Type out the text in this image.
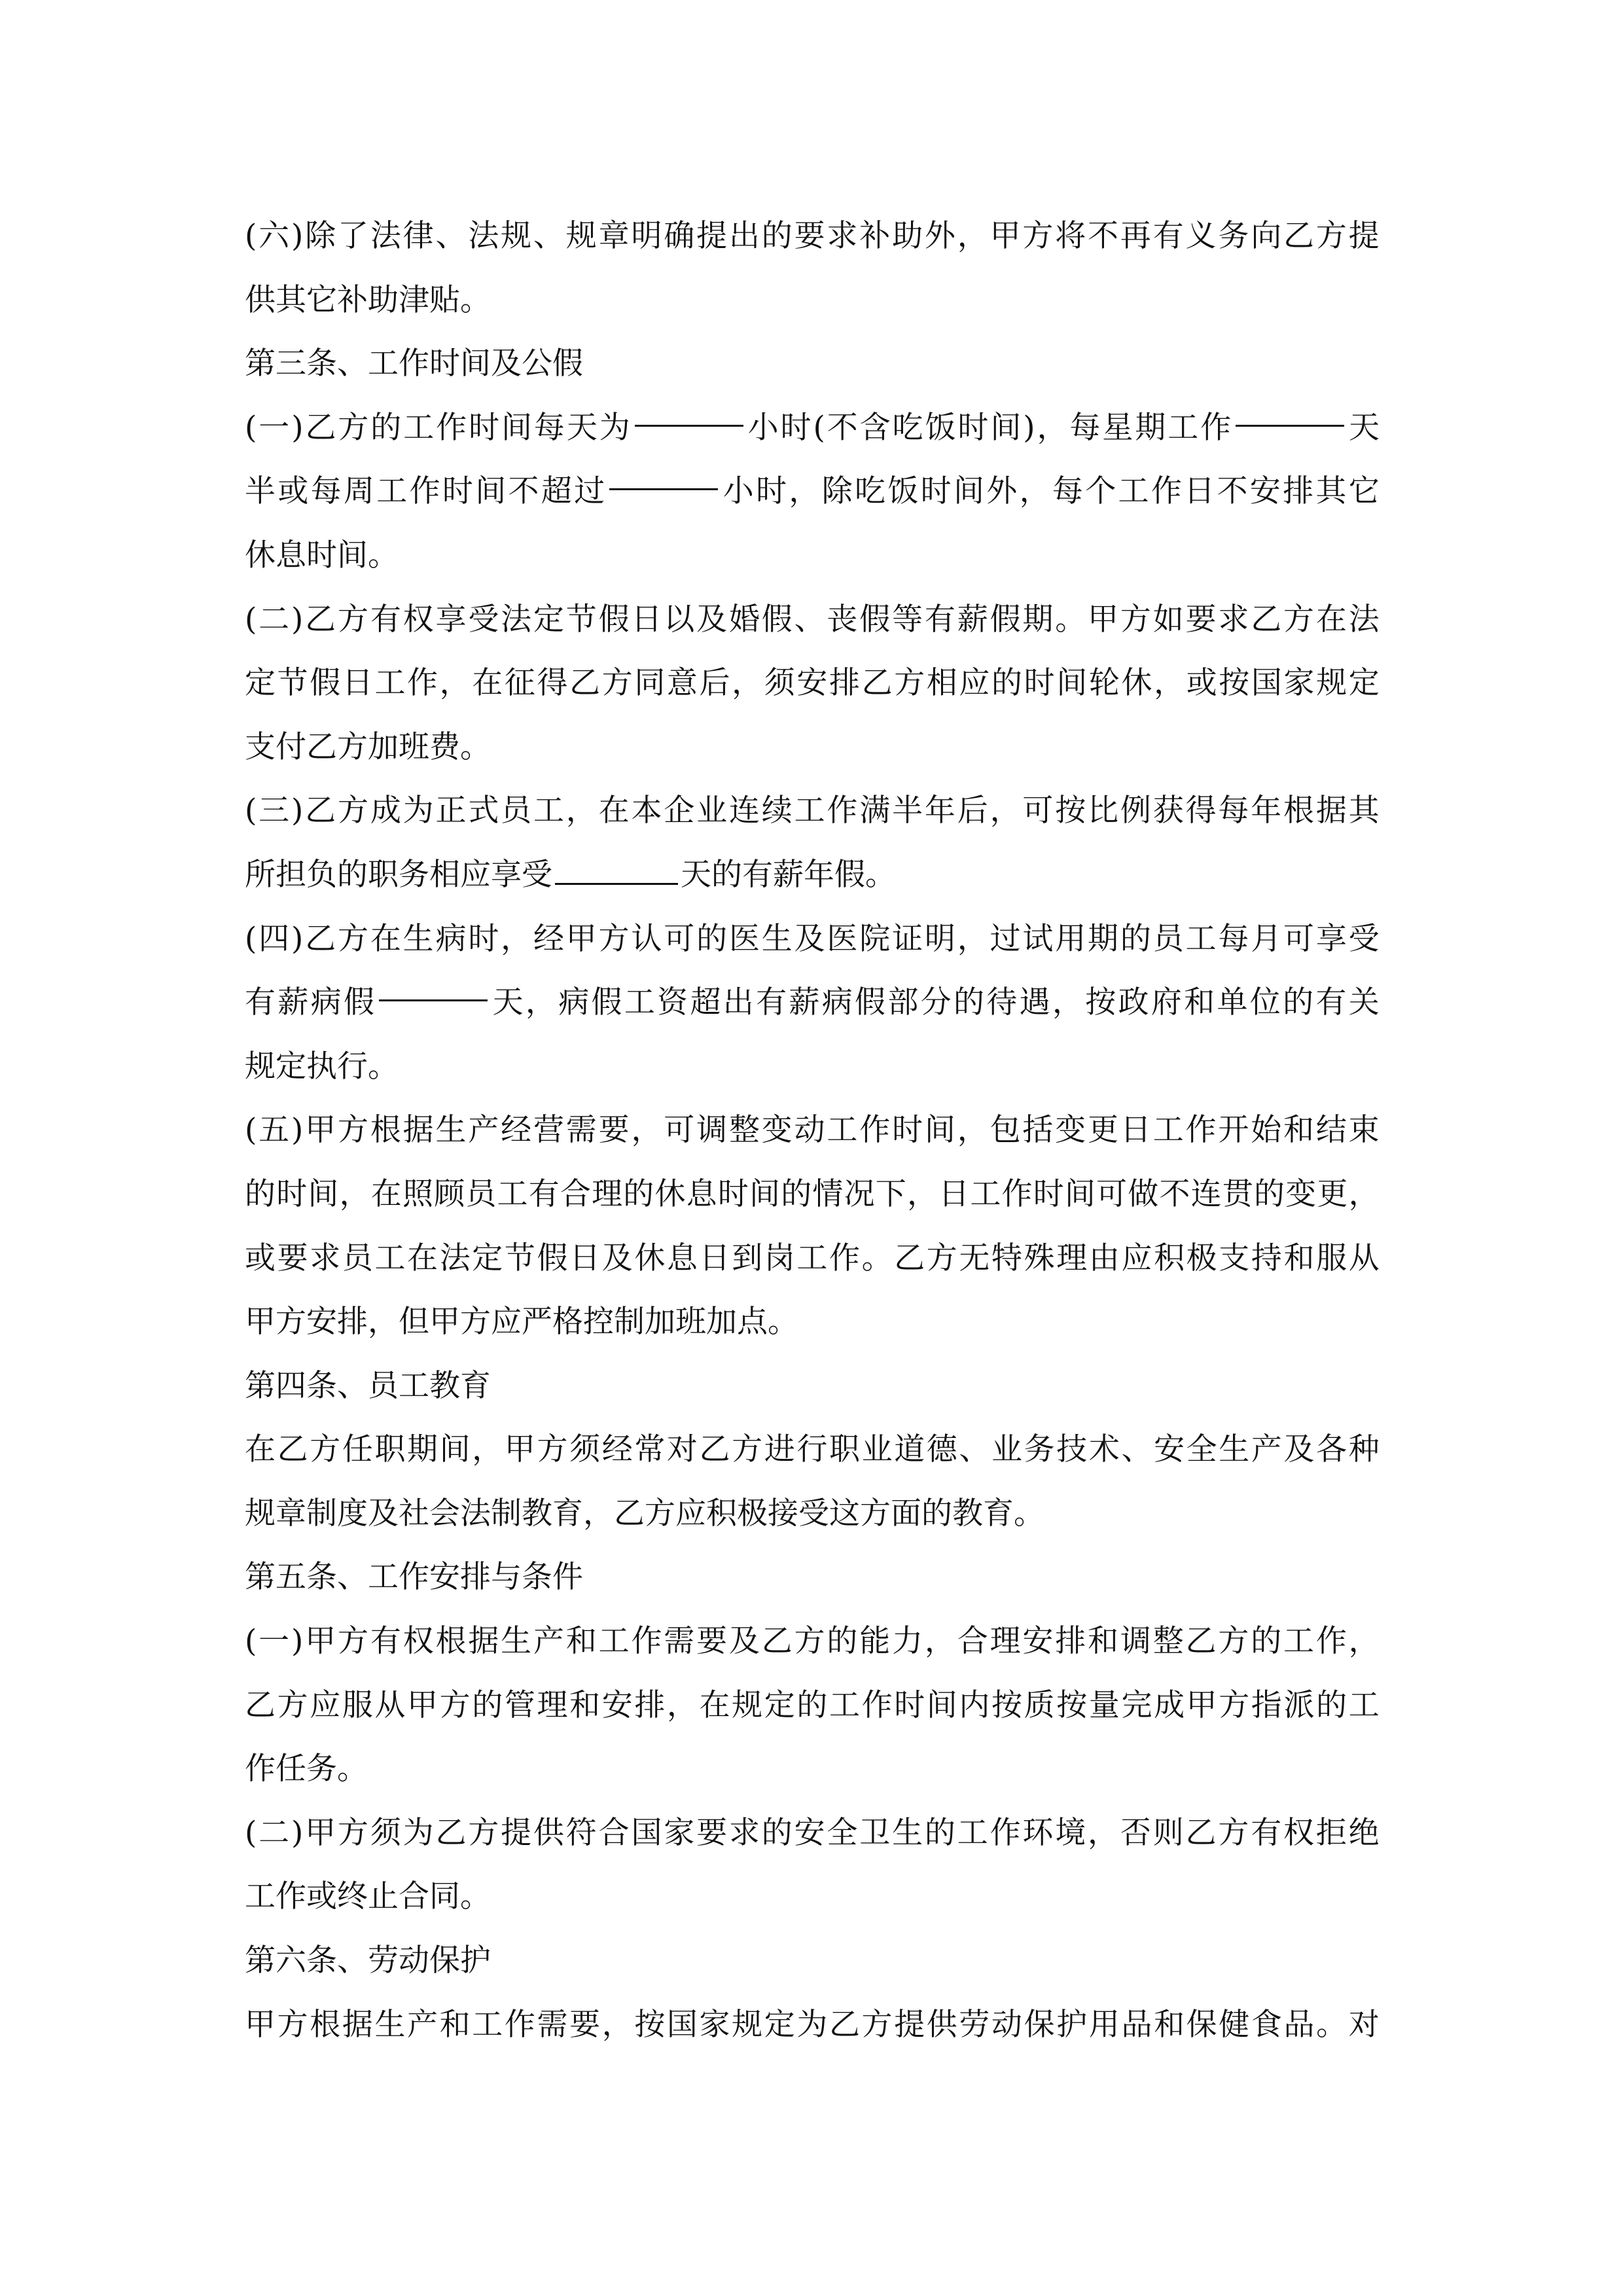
( 六 ) 除 了 法 律 、 法 规 、 规 章 明 确 提 出 的 要 求 补 助 外 ， 甲 方 将 不 再 有 义 务 向 乙 方 提
供其它补助津贴。
第三条、工作时间及公假
( 一 ) 乙 方 的 工 作 时 间 每 天 为	小 时 ( 不 含 吃 饭 时 间 ) ， 每 星 期 工 作	天
半 或 每 周 工 作 时 间 不 超 过	小 时 ， 除 吃 饭 时 间 外 ， 每 个 工 作 日 不 安 排 其 它
休息时间。
( 二 ) 乙 方 有 权 享 受 法 定 节 假 日 以 及 婚 假 、 丧 假 等 有 薪 假 期 。 甲 方 如 要 求 乙 方 在 法
定 节 假 日 工 作 ， 在 征 得 乙 方 同 意 后 ， 须 安 排 乙 方 相 应 的 时 间 轮 休 ， 或 按 国 家 规 定
支付乙方加班费。
( 三 ) 乙 方 成 为 正 式 员 工 ， 在 本 企 业 连 续 工 作 满 半 年 后 ， 可 按 比 例 获 得 每 年 根 据 其
所担负的职务相应享受	天的有薪年假。
( 四 ) 乙 方 在 生 病 时 ， 经 甲 方 认 可 的 医 生 及 医 院 证 明 ， 过 试 用 期 的 员 工 每 月 可 享 受
有 薪 病 假	天 ， 病 假 工 资 超 出 有 薪 病 假 部 分 的 待 遇 ， 按 政 府 和 单 位 的 有 关
规定执行。
( 五 ) 甲 方 根 据 生 产 经 营 需 要 ， 可 调 整 变 动 工 作 时 间 ， 包 括 变 更 日 工 作 开 始 和 结 束
的 时 间 ， 在 照 顾 员 工 有 合 理 的 休 息 时 间 的 情 况 下 ， 日 工 作 时 间 可 做 不 连 贯 的 变 更 ，
或 要 求 员 工 在 法 定 节 假 日 及 休 息 日 到 岗 工 作 。 乙 方 无 特 殊 理 由 应 积 极 支 持 和 服 从
甲方安排，但甲方应严格控制加班加点。
第四条、员工教育
在 乙 方 任 职 期 间 ， 甲 方 须 经 常 对 乙 方 进 行 职 业 道 德 、 业 务 技 术 、 安 全 生 产 及 各 种
规章制度及社会法制教育，乙方应积极接受这方面的教育。
第五条、工作安排与条件
( 一 ) 甲 方 有 权 根 据 生 产 和 工 作 需 要 及 乙 方 的 能 力 ， 合 理 安 排 和 调 整 乙 方 的 工 作 ，
乙 方 应 服 从 甲 方 的 管 理 和 安 排 ， 在 规 定 的 工 作 时 间 内 按 质 按 量 完 成 甲 方 指 派 的 工
作任务。
( 二 ) 甲 方 须 为 乙 方 提 供 符 合 国 家 要 求 的 安 全 卫 生 的 工 作 环 境 ， 否 则 乙 方 有 权 拒 绝
工作或终止合同。
第六条、劳动保护
甲 方 根 据 生 产 和 工 作 需 要 ， 按 国 家 规 定 为 乙 方 提 供 劳 动 保 护 用 品 和 保 健 食 品 。 对
